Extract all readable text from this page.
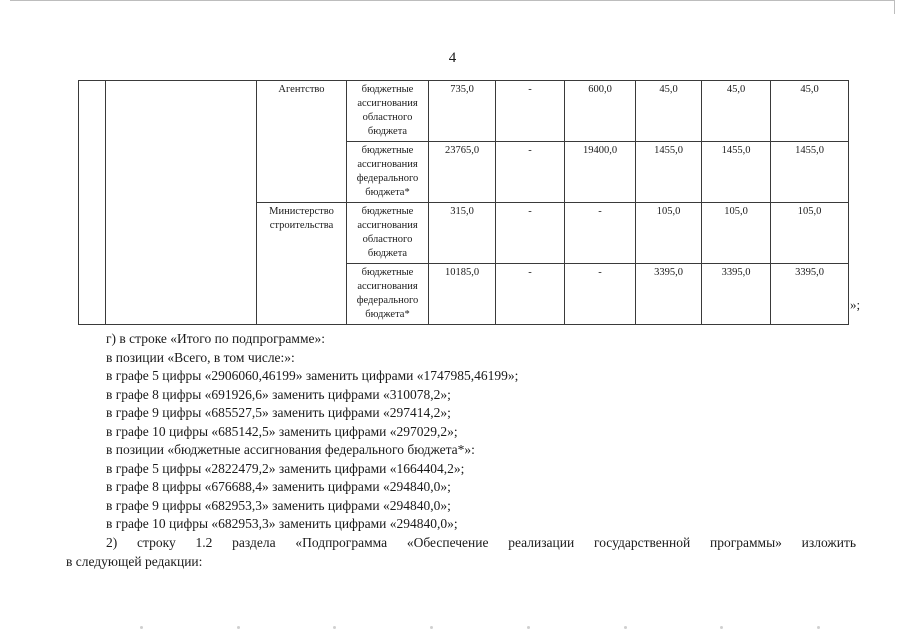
4
		Агентство	бюджетные ассигнования областного бюджета	735,0	-	600,0	45,0	45,0	45,0
			бюджетные ассигнования федерального бюджета*	23765,0	-	19400,0	1455,0	1455,0	1455,0
		Министерство строительства	бюджетные ассигнования областного бюджета	315,0	-	-	105,0	105,0	105,0
			бюджетные ассигнования федерального бюджета*	10185,0	-	-	3395,0	3395,0	3395,0
»;

г) в строке «Итого по подпрограмме»:

в позиции «Всего, в том числе:»:

в графе 5 цифры «2906060,46199» заменить цифрами «1747985,46199»;

в графе 8 цифры «691926,6» заменить цифрами «310078,2»;

в графе 9 цифры «685527,5» заменить цифрами «297414,2»;

в графе 10 цифры «685142,5» заменить цифрами «297029,2»;

в позиции «бюджетные ассигнования федерального бюджета*»:

в графе 5 цифры «2822479,2» заменить цифрами «1664404,2»;

в графе 8 цифры «676688,4» заменить цифрами «294840,0»;

в графе 9 цифры «682953,3» заменить цифрами «294840,0»;

в графе 10 цифры «682953,3» заменить цифрами «294840,0»;

2) строку 1.2 раздела «Подпрограмма «Обеспечение реализации государственной программы» изложить
в следующей редакции:
